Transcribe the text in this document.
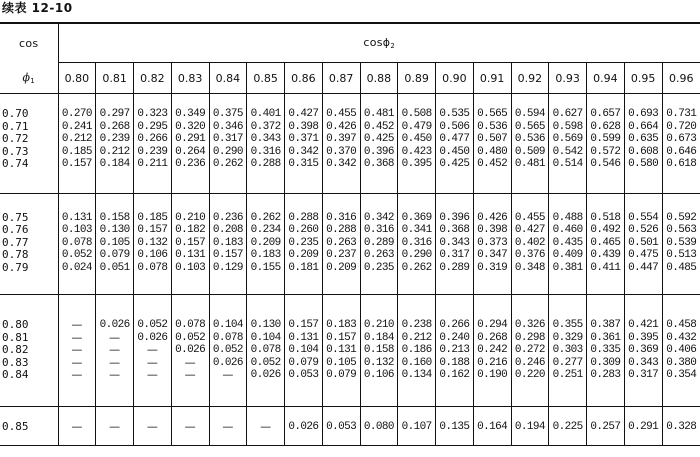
续表 12-10
cos	cosϕ$_2$
$\phi_1$	0.80	0.81	0.82	0.83	0.84	0.85	0.86	0.87	0.88	0.89	0.90	0.91	0.92	0.93	0.94	0.95	0.96

0.70	0.270	0.297	0.323	0.349	0.375	0.401	0.427	0.455	0.481	0.508	0.535	0.565	0.594	0.627	0.657	0.693	0.731
0.71	0.241	0.268	0.295	0.320	0.346	0.372	0.398	0.426	0.452	0.479	0.506	0.536	0.565	0.598	0.628	0.664	0.720
0.72	0.212	0.239	0.266	0.291	0.317	0.343	0.371	0.397	0.425	0.450	0.477	0.507	0.536	0.569	0.599	0.635	0.673
0.73	0.185	0.212	0.239	0.264	0.290	0.316	0.342	0.370	0.396	0.423	0.450	0.480	0.509	0.542	0.572	0.608	0.646
0.74	0.157	0.184	0.211	0.236	0.262	0.288	0.315	0.342	0.368	0.395	0.425	0.452	0.481	0.514	0.546	0.580	0.618

0.75	0.131	0.158	0.185	0.210	0.236	0.262	0.288	0.316	0.342	0.369	0.396	0.426	0.455	0.488	0.518	0.554	0.592
0.76	0.103	0.130	0.157	0.182	0.208	0.234	0.260	0.288	0.316	0.341	0.368	0.398	0.427	0.460	0.492	0.526	0.563
0.77	0.078	0.105	0.132	0.157	0.183	0.209	0.235	0.263	0.289	0.316	0.343	0.373	0.402	0.435	0.465	0.501	0.539
0.78	0.052	0.079	0.106	0.131	0.157	0.183	0.209	0.237	0.263	0.290	0.317	0.347	0.376	0.409	0.439	0.475	0.513
0.79	0.024	0.051	0.078	0.103	0.129	0.155	0.181	0.209	0.235	0.262	0.289	0.319	0.348	0.381	0.411	0.447	0.485

0.80	—	0.026	0.052	0.078	0.104	0.130	0.157	0.183	0.210	0.238	0.266	0.294	0.326	0.355	0.387	0.421	0.458
0.81	—	—	0.026	0.052	0.078	0.104	0.131	0.157	0.184	0.212	0.240	0.268	0.298	0.329	0.361	0.395	0.432
0.82	—	—	—	0.026	0.052	0.078	0.104	0.131	0.158	0.186	0.213	0.242	0.272	0.303	0.335	0.369	0.406
0.83	—	—	—	—	0.026	0.052	0.079	0.105	0.132	0.160	0.188	0.216	0.246	0.277	0.309	0.343	0.380
0.84	—	—	—	—	—	0.026	0.053	0.079	0.106	0.134	0.162	0.190	0.220	0.251	0.283	0.317	0.354

0.85	—	—	—	—	—	—	0.026	0.053	0.080	0.107	0.135	0.164	0.194	0.225	0.257	0.291	0.328
